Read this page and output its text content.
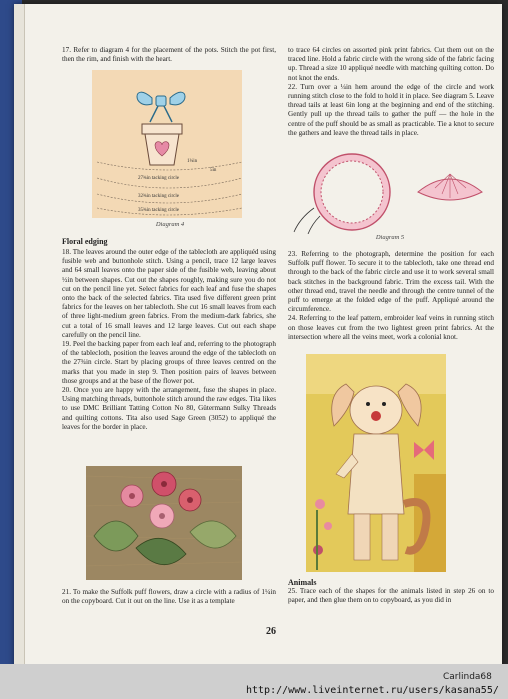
17. Refer to diagram 4 for the placement of the pots. Stitch the pot first, then the rim, and finish with the heart.

1¼in
5in
27¾in tacking circle
32¾in tacking circle
35¾in tacking circle
Diagram 4

Floral edging

18. The leaves around the outer edge of the tablecloth are appliquéd using fusible web and buttonhole stitch. Using a pencil, trace 12 large leaves and 64 small leaves onto the paper side of the fusible web, leaving about ½in between shapes. Cut out the shapes roughly, making sure you do not cut on the pencil line yet. Select fabrics for each leaf and fuse the shapes onto the back of the selected fabrics. Tita used five different green print fabrics for the leaves on her tablecloth. She cut 16 small leaves from each of three light-medium green fabrics. From the medium-dark fabrics, she cut a total of 16 small leaves and 12 large leaves. Cut out each shape carefully on the pencil line.

19. Peel the backing paper from each leaf and, referring to the photograph of the tablecloth, position the leaves around the edge of the tablecloth on the 27¾in circle. Start by placing groups of three leaves centred on the marks that you made in step 9. Then position pairs of leaves between those groups and at the base of the flower pot.

20. Once you are happy with the arrangement, fuse the shapes in place. Using matching threads, buttonhole stitch around the raw edges. Tita likes to use DMC Brilliant Tatting Cotton No 80, Gütermann Sulky Threads and quilting cottons. Tita also used Sage Green (3052) to appliqué the leaves for the border in place.

21. To make the Suffolk puff flowers, draw a circle with a radius of 1¼in on the copyboard. Cut it out on the line. Use it as a template

to trace 64 circles on assorted pink print fabrics. Cut them out on the traced line. Hold a fabric circle with the wrong side of the fabric facing up. Thread a size 10 appliqué needle with matching quilting cotton. Do not knot the ends.

22. Turn over a ¼in hem around the edge of the circle and work running stitch close to the fold to hold it in place. See diagram 5. Leave thread tails at least 6in long at the beginning and end of the stitching. Gently pull up the thread tails to gather the puff — the hole in the centre of the puff should be as small as practicable. Tie a knot to secure the gathers and leave the thread tails in place.

Diagram 5

23. Referring to the photograph, determine the position for each Suffolk puff flower. To secure it to the tablecloth, take one thread end through to the back of the fabric circle and use it to work several small back stitches in the background fabric. Trim the excess tail. With the other thread end, travel the needle and through the centre tunnel of the puff to emerge at the folded edge of the puff. Appliqué around the circumference.

24. Referring to the leaf pattern, embroider leaf veins in running stitch on those leaves cut from the two lightest green print fabrics. At the intersection where all the veins meet, work a colonial knot.

Animals

25. Trace each of the shapes for the animals listed in step 26 on to paper, and then glue them on to copyboard, as you did in

26
Carlinda68
http://www.liveinternet.ru/users/kasana55/
